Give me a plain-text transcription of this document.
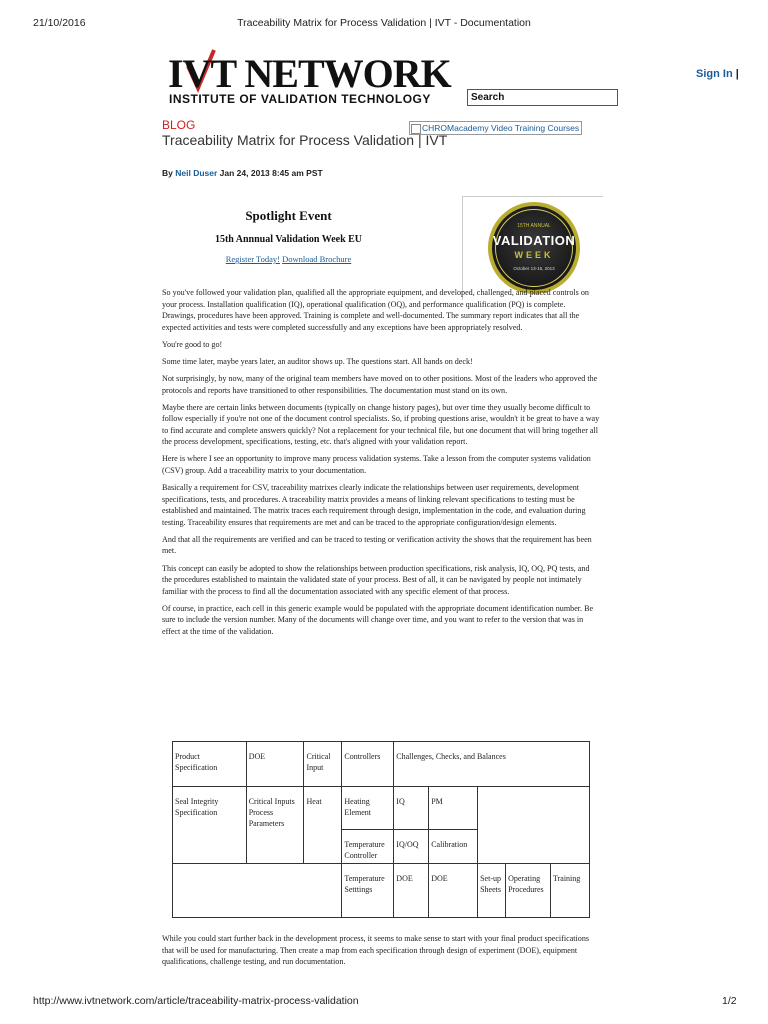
21/10/2016	Traceability Matrix for Process Validation | IVT - Documentation
IVT NETWORK
INSTITUTE OF VALIDATION TECHNOLOGY
Sign In |
Search
BLOG	CHROMacademy Video Training Courses
Traceability Matrix for Process Validation | IVT
By Neil Duser Jan 24, 2013 8:45 am PST
Spotlight Event
15th Annnual Validation Week EU
Register Today! Download Brochure
15TH ANNUAL
VALIDATION
WEEK
October 13-15, 2013

So you've followed your validation plan, qualified all the appropriate equipment, and developed, challenged, and placed controls on your process. Installation qualification (IQ), operational qualification (OQ), and performance qualification (PQ) is complete. Drawings, procedures have been approved. Training is complete and well-documented. The summary report indicates that all the expected activities and tests were completed successfully and any exceptions have been appropriately resolved.

You're good to go!

Some time later, maybe years later, an auditor shows up. The questions start. All hands on deck!

Not surprisingly, by now, many of the original team members have moved on to other positions. Most of the leaders who approved the protocols and reports have transitioned to other responsibilities. The documentation must stand on its own.

Maybe there are certain links between documents (typically on change history pages), but over time they usually become difficult to follow especially if you're not one of the document control specialists. So, if probing questions arise, wouldn't it be great to have a way to find accurate and complete answers quickly? Not a replacement for your technical file, but one document that will bring together all the process development, specifications, testing, etc. that's aligned with your validation report.

Here is where I see an opportunity to improve many process validation systems. Take a lesson from the computer systems validation (CSV) group. Add a traceability matrix to your documentation.

Basically a requirement for CSV, traceability matrixes clearly indicate the relationships between user requirements, development specifications, tests, and procedures. A traceability matrix provides a means of linking relevant specifications to testing must be established and maintained. The matrix traces each requirement through design, implementation in the code, and evaluation during testing. Traceability ensures that requirements are met and can be traced to the appropriate configuration/design elements.

And that all the requirements are verified and can be traced to testing or verification activity the shows that the requirement has been met.

This concept can easily be adopted to show the relationships between production specifications, risk analysis, IQ, OQ, PQ tests, and the procedures established to maintain the validated state of your process. Best of all, it can be navigated by people not intimately familiar with the process to find all the documentation associated with any specific element of that process.

Of course, in practice, each cell in this generic example would be populated with the appropriate document identification number. Be sure to include the version number. Many of the documents will change over time, and you want to refer to the version that was in effect at the time of the validation.

Product Specification	DOE	Critical Input	Controllers	Challenges, Checks, and Balances				
Seal Integrity Specification	Critical Inputs Process Parameters	Heat	Heating Element	IQ	PM			
			Temperature Controller	IQ/OQ	Calibration			
			Temperature Setttings	DOE	DOE	Set-up Sheets	Operating Procedures	Training

While you could start further back in the development process, it seems to make sense to start with your final product specifications that will be used for manufacturing. Then create a map from each specification through design of experiment (DOE), equipment qualifications, challenge testing, and run documentation.

http://www.ivtnetwork.com/article/traceability-matrix-process-validation	1/2
